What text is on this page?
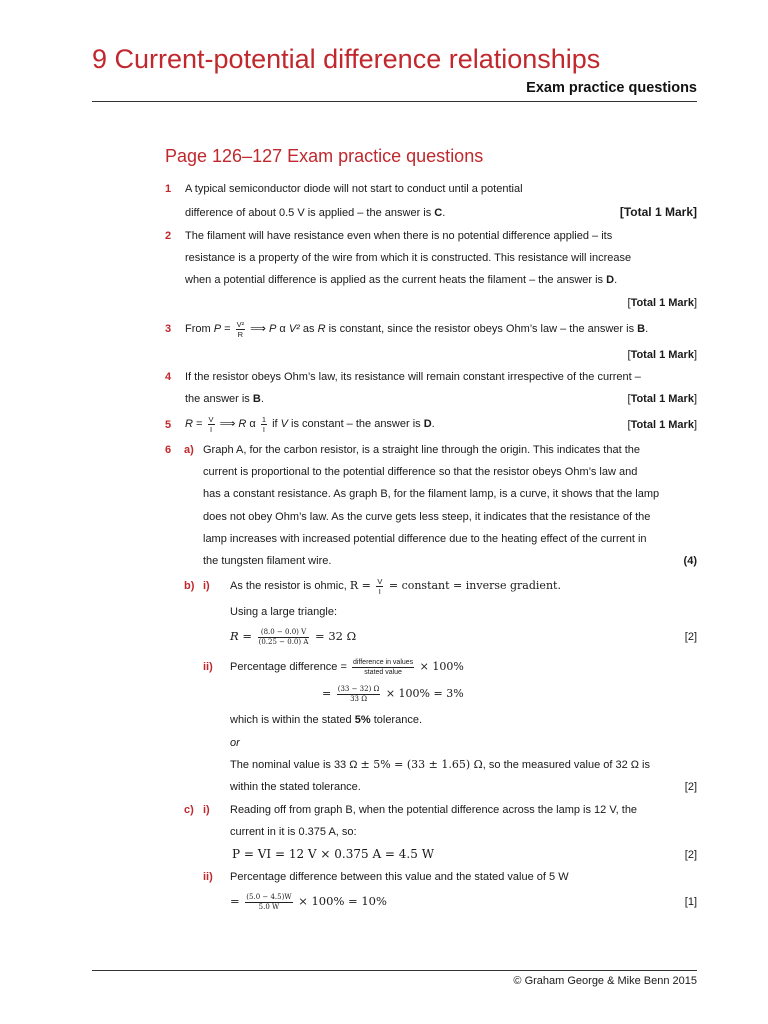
9 Current-potential difference relationships
Exam practice questions
Page 126–127 Exam practice questions
1 A typical semiconductor diode will not start to conduct until a potential
difference of about 0.5 V is applied – the answer is C.	[Total 1 Mark]
2 The filament will have resistance even when there is no potential difference applied – its
resistance is a property of the wire from which it is constructed. This resistance will increase
when a potential difference is applied as the current heats the filament – the answer is D.
[Total 1 Mark]
3 From $P = \frac{\text{V²}}{R}$ ⟹ P α V² as R is constant, since the resistor obeys Ohm’s law – the answer is B.
[Total 1 Mark]
4 If the resistor obeys Ohm’s law, its resistance will remain constant irrespective of the current –
the answer is B.	[Total 1 Mark]
5 $R = \frac{V}{I}$ ⟹ R α $\frac{1}{I}$ if V is constant – the answer is D.	[Total 1 Mark]
6 a) Graph A, for the carbon resistor, is a straight line through the origin. This indicates that the
current is proportional to the potential difference so that the resistor obeys Ohm’s law and
has a constant resistance. As graph B, for the filament lamp, is a curve, it shows that the lamp
does not obey Ohm’s law. As the curve gets less steep, it indicates that the resistance of the
lamp increases with increased potential difference due to the heating effect of the current in
the tungsten filament wire.	(4)
b) i) As the resistor is ohmic, $R = \frac{V}{I}$ = constant = inverse gradient.
Using a large triangle:
$R = \frac{(8.0 - 0.0) V}{(0.25 - 0.0) A} = 32$ Ω	[2]
ii) Percentage difference = $\frac{\text{difference in values}}{\text{stated value}} \times 100\%$
= $\frac{(33 - 32) \Omega}{33 \Omega} \times 100\% = 3\%$
which is within the stated 5% tolerance.
or
The nominal value is 33 Ω ± 5% = (33 ± 1.65) Ω, so the measured value of 32 Ω is
within the stated tolerance.	[2]
c) i) Reading off from graph B, when the potential difference across the lamp is 12 V, the
current in it is 0.375 A, so:
P = VI = 12 V × 0.375 A = 4.5 W	[2]
ii) Percentage difference between this value and the stated value of 5 W
= $\frac{(5.0 - 4.5)W}{5.0 W} \times 100\% = 10\%$	[1]
© Graham George & Mike Benn 2015
